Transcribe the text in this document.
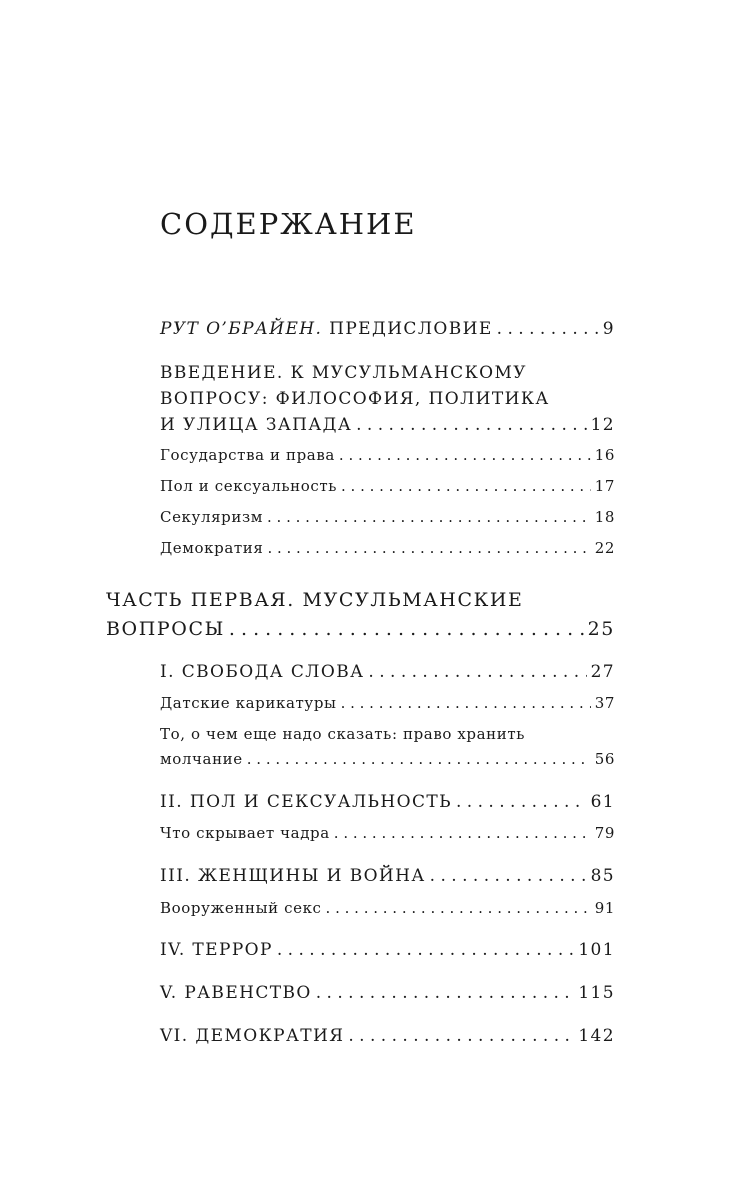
СОДЕРЖАНИЕ
РУТ О’БРАЙЕН. ПРЕДИСЛОВИЕ . . .	9
ВВЕДЕНИЕ. К МУСУЛЬМАНСКОМУ
ВОПРОСУ: ФИЛОСОФИЯ, ПОЛИТИКА
И УЛИЦА ЗАПАДА . . .	12
Государства и права . . .	16
Пол и сексуальность . . .	17
Секуляризм . . .	18
Демократия . . .	22
ЧАСТЬ ПЕРВАЯ. МУСУЛЬМАНСКИЕ
ВОПРОСЫ . . .	25
I. СВОБОДА СЛОВА . . .	27
Датские карикатуры . . .	37
То, о чем еще надо сказать: право хранить
молчание . . .	56
II. ПОЛ И СЕКСУАЛЬНОСТЬ . . .	61
Что скрывает чадра . . .	79
III. ЖЕНЩИНЫ И ВОЙНА . . .	85
Вооруженный секс . . .	91
IV. ТЕРРОР . . .	101
V. РАВЕНСТВО . . .	115
VI. ДЕМОКРАТИЯ . . .	142
